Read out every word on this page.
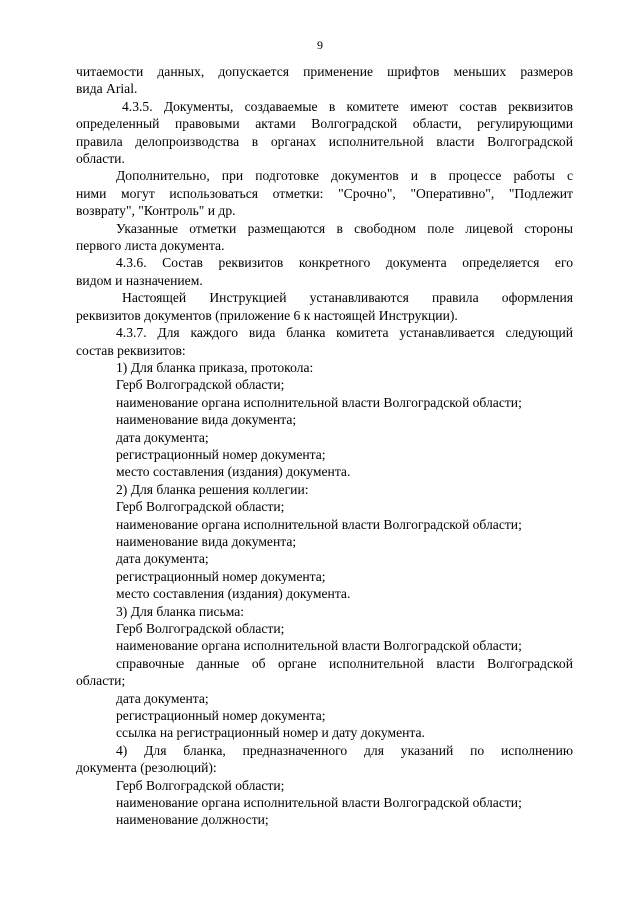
9

читаемости данных, допускается применение шрифтов меньших размеров

вида Arial.

4.3.5. Документы, создаваемые в комитете имеют состав реквизитов

определенный правовыми актами Волгоградской области, регулирующими

правила делопроизводства в органах исполнительной власти Волгоградской

области.

Дополнительно, при подготовке документов и в процессе работы с

ними могут использоваться отметки: "Срочно", "Оперативно", "Подлежит

возврату", "Контроль" и др.

Указанные отметки размещаются в свободном поле лицевой стороны

первого листа документа.

4.3.6. Состав реквизитов конкретного документа определяется его

видом и назначением.

Настоящей Инструкцией устанавливаются правила оформления

реквизитов документов (приложение 6 к настоящей Инструкции).

4.3.7. Для каждого вида бланка комитета устанавливается следующий

состав реквизитов:

1) Для бланка приказа, протокола:

Герб Волгоградской области;

наименование органа исполнительной власти Волгоградской области;

наименование вида документа;

дата документа;

регистрационный номер документа;

место составления (издания) документа.

2) Для бланка решения коллегии:

Герб Волгоградской области;

наименование органа исполнительной власти Волгоградской области;

наименование вида документа;

дата документа;

регистрационный номер документа;

место составления (издания) документа.

3) Для бланка письма:

Герб Волгоградской области;

наименование органа исполнительной власти Волгоградской области;

справочные данные об органе исполнительной власти Волгоградской

области;

дата документа;

регистрационный номер документа;

ссылка на регистрационный номер и дату документа.

4) Для бланка, предназначенного для указаний по исполнению

документа (резолюций):

Герб Волгоградской области;

наименование органа исполнительной власти Волгоградской области;

наименование должности;
